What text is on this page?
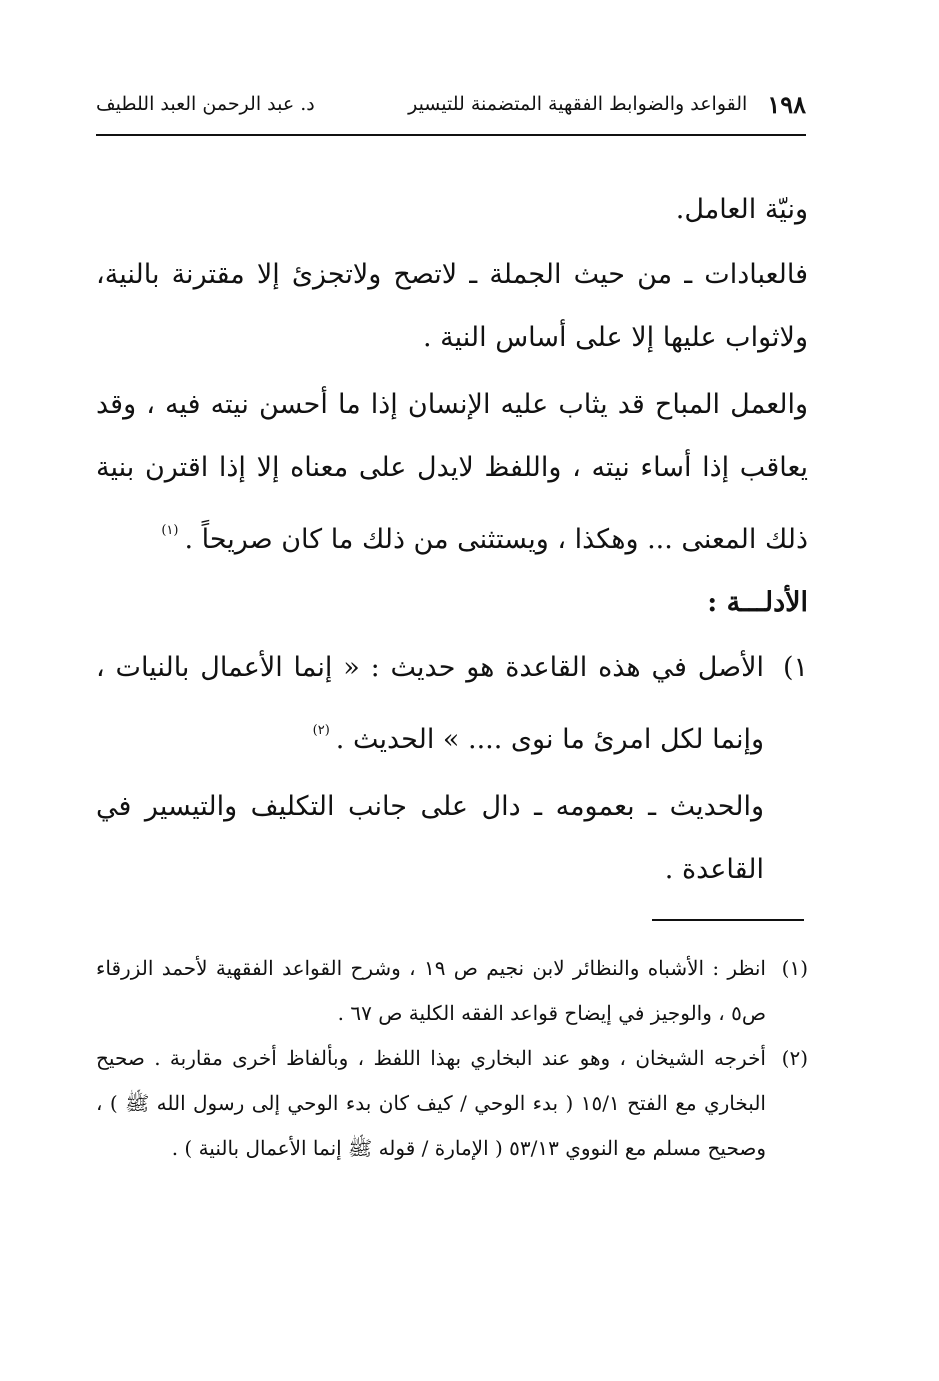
١٩٨
القواعد والضوابط الفقهية المتضمنة للتيسير
د. عبد الرحمن العبد اللطيف

ونيّة العامل.

فالعبادات ـ من حيث الجملة ـ لاتصح ولاتجزئ إلا مقترنة بالنية، ولاثواب عليها إلا على أساس النية .

والعمل المباح قد يثاب عليه الإنسان إذا ما أحسن نيته فيه ، وقد يعاقب إذا أساء نيته ، واللفظ لايدل على معناه إلا إذا اقترن بنية ذلك المعنى ... وهكذا ، ويستثنى من ذلك ما كان صريحاً .$^{(١)}$

الأدلـــة :

١)
الأصل في هذه القاعدة هو حديث : « إنما الأعمال بالنيات ، وإنما لكل امرئ ما نوى .... » الحديث .$^{(٢)}$

والحديث ـ بعمومه ـ دال على جانب التكليف والتيسير في القاعدة .

(١)
انظر : الأشباه والنظائر لابن نجيم ص ١٩ ، وشرح القواعد الفقهية لأحمد الزرقاء ص٥ ، والوجيز في إيضاح قواعد الفقه الكلية ص ٦٧ .
(٢)
أخرجه الشيخان ، وهو عند البخاري بهذا اللفظ ، وبألفاظ أخرى مقاربة . صحيح البخاري مع الفتح ١٥/١ ( بدء الوحي / كيف كان بدء الوحي إلى رسول الله ﷺ ) ، وصحيح مسلم مع النووي ٥٣/١٣ ( الإمارة / قوله ﷺ إنما الأعمال بالنية ) .
